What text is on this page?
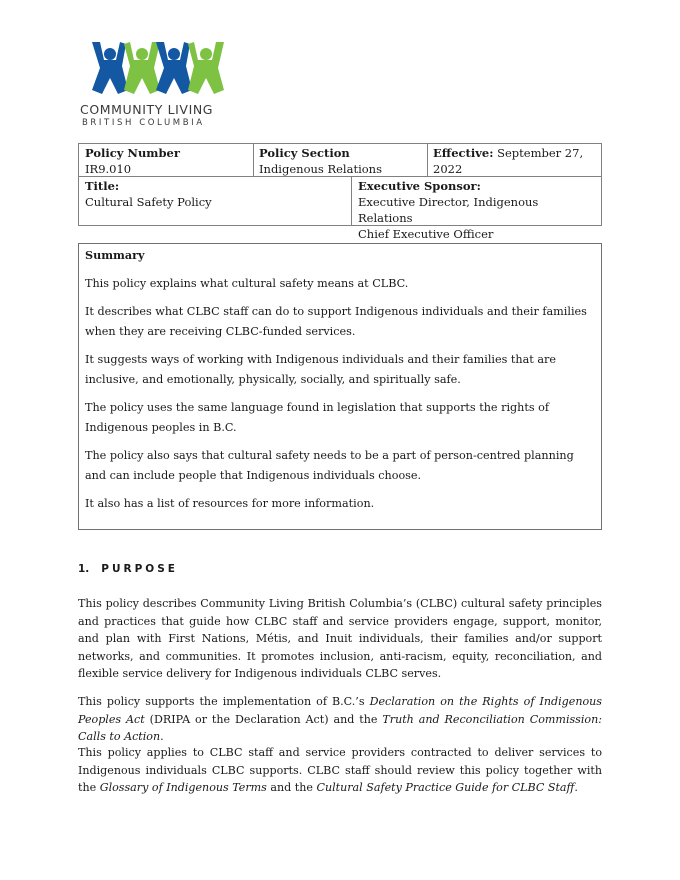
COMMUNITY LIVING
BRITISH COLUMBIA
Policy Number
IR9.010
Policy Section
Indigenous Relations
Effective: September 27, 2022
Title:
Cultural Safety Policy
Executive Sponsor:
Executive Director, Indigenous Relations
Chief Executive Officer
Summary

This policy explains what cultural safety means at CLBC.

It describes what CLBC staff can do to support Indigenous individuals and their families when they are receiving CLBC-funded services.

It suggests ways of working with Indigenous individuals and their families that are inclusive, and emotionally, physically, socially, and spiritually safe.

The policy uses the same language found in legislation that supports the rights of Indigenous peoples in B.C.

The policy also says that cultural safety needs to be a part of person-centred planning and can include people that Indigenous individuals choose.

It also has a list of resources for more information.

1. PURPOSE

This policy describes Community Living British Columbia’s (CLBC) cultural safety principles and practices that guide how CLBC staff and service providers engage, support, monitor, and plan with First Nations, Métis, and Inuit individuals, their families and/or support networks, and communities. It promotes inclusion, anti-racism, equity, reconciliation, and flexible service delivery for Indigenous individuals CLBC serves.

This policy supports the implementation of B.C.’s Declaration on the Rights of Indigenous Peoples Act (DRIPA or the Declaration Act) and the Truth and Reconciliation Commission: Calls to Action.

This policy applies to CLBC staff and service providers contracted to deliver services to Indigenous individuals CLBC supports. CLBC staff should review this policy together with the Glossary of Indigenous Terms and the Cultural Safety Practice Guide for CLBC Staff.
